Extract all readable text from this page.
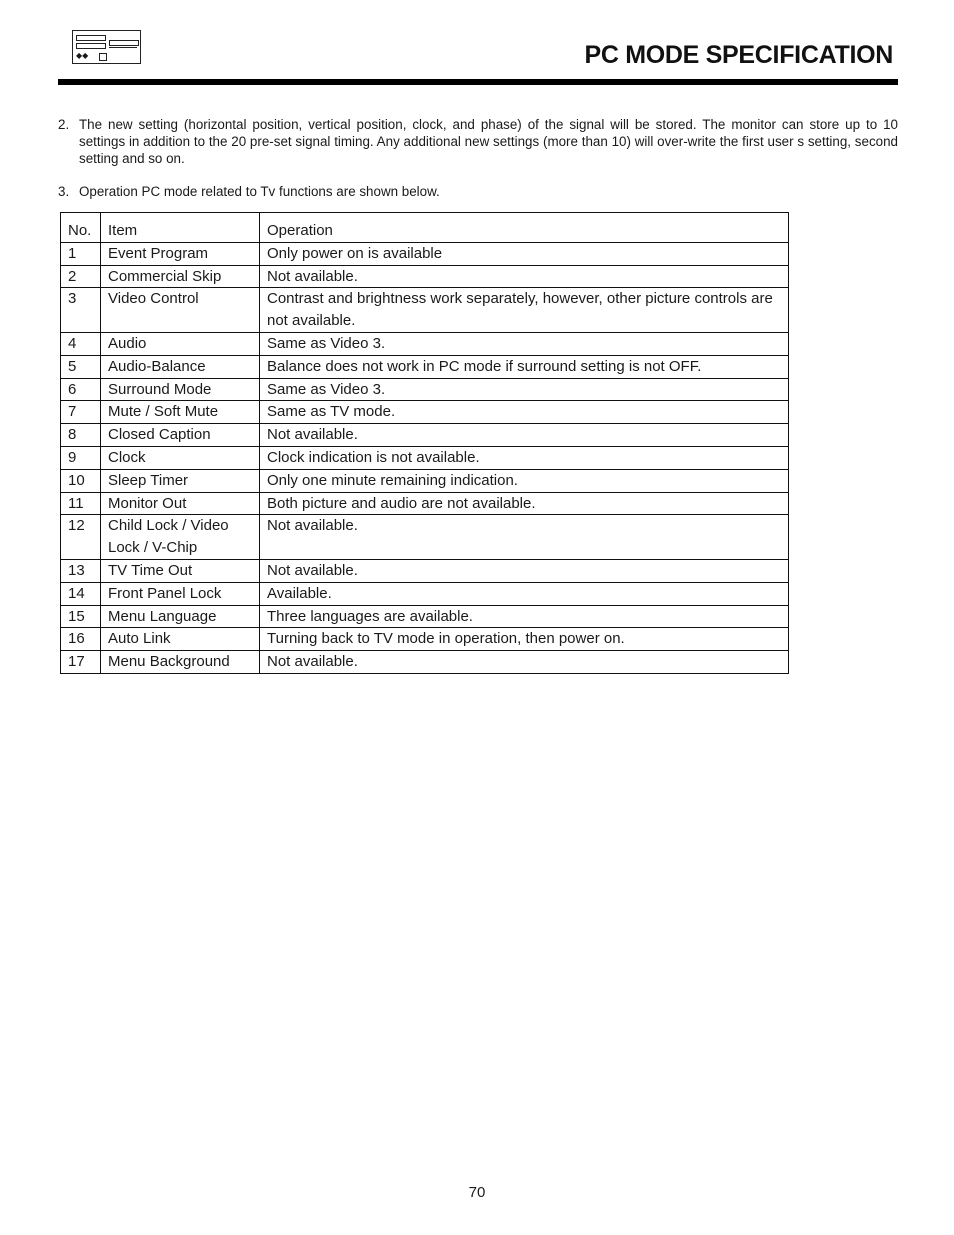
◆◆	PC MODE SPECIFICATION
2. The new setting (horizontal position, vertical position, clock, and phase) of the signal will be stored. The monitor can store up to 10 settings in addition to the 20 pre-set signal timing. Any additional new settings (more than 10) will over-write the first user s setting, second setting and so on.
3. Operation PC mode related to Tv functions are shown below.
No.	Item	Operation
1	Event Program	Only power on is available
2	Commercial Skip	Not available.
3	Video Control	Contrast and brightness work separately, however, other picture controls are not available.
4	Audio	Same as Video 3.
5	Audio-Balance	Balance does not work in PC mode if surround setting is not OFF.
6	Surround Mode	Same as Video 3.
7	Mute / Soft Mute	Same as TV mode.
8	Closed Caption	Not available.
9	Clock	Clock indication is not available.
10	Sleep Timer	Only one minute remaining indication.
11	Monitor Out	Both picture and audio are not available.
12	Child Lock / Video Lock / V-Chip	Not available.
13	TV Time Out	Not available.
14	Front Panel Lock	Available.
15	Menu Language	Three languages are available.
16	Auto Link	Turning back to TV mode in operation, then power on.
17	Menu Background	Not available.
70
